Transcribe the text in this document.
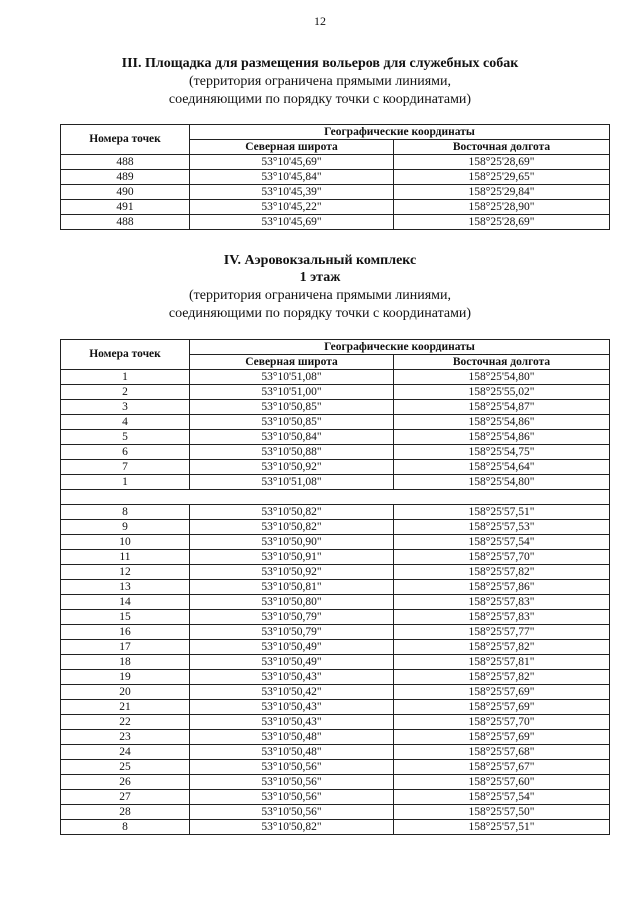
12
III. Площадка для размещения вольеров для служебных собак

(территория ограничена прямыми линиями,

соединяющими по порядку точки с координатами)

Номера точек	Географические координаты	
	Северная широта	Восточная долгота
488	53°10'45,69"	158°25'28,69"
489	53°10'45,84"	158°25'29,65"
490	53°10'45,39"	158°25'29,84"
491	53°10'45,22"	158°25'28,90"
488	53°10'45,69"	158°25'28,69"
IV. Аэровокзальный комплекс
1 этаж

(территория ограничена прямыми линиями,

соединяющими по порядку точки с координатами)

Номера точек	Географические координаты	
	Северная широта	Восточная долгота
1	53°10'51,08"	158°25'54,80"
2	53°10'51,00"	158°25'55,02"
3	53°10'50,85"	158°25'54,87"
4	53°10'50,85"	158°25'54,86"
5	53°10'50,84"	158°25'54,86"
6	53°10'50,88"	158°25'54,75"
7	53°10'50,92"	158°25'54,64"
1	53°10'51,08"	158°25'54,80"

8	53°10'50,82"	158°25'57,51"
9	53°10'50,82"	158°25'57,53"
10	53°10'50,90"	158°25'57,54"
11	53°10'50,91"	158°25'57,70"
12	53°10'50,92"	158°25'57,82"
13	53°10'50,81"	158°25'57,86"
14	53°10'50,80"	158°25'57,83"
15	53°10'50,79"	158°25'57,83"
16	53°10'50,79"	158°25'57,77"
17	53°10'50,49"	158°25'57,82"
18	53°10'50,49"	158°25'57,81"
19	53°10'50,43"	158°25'57,82"
20	53°10'50,42"	158°25'57,69"
21	53°10'50,43"	158°25'57,69"
22	53°10'50,43"	158°25'57,70"
23	53°10'50,48"	158°25'57,69"
24	53°10'50,48"	158°25'57,68"
25	53°10'50,56"	158°25'57,67"
26	53°10'50,56"	158°25'57,60"
27	53°10'50,56"	158°25'57,54"
28	53°10'50,56"	158°25'57,50"
8	53°10'50,82"	158°25'57,51"
